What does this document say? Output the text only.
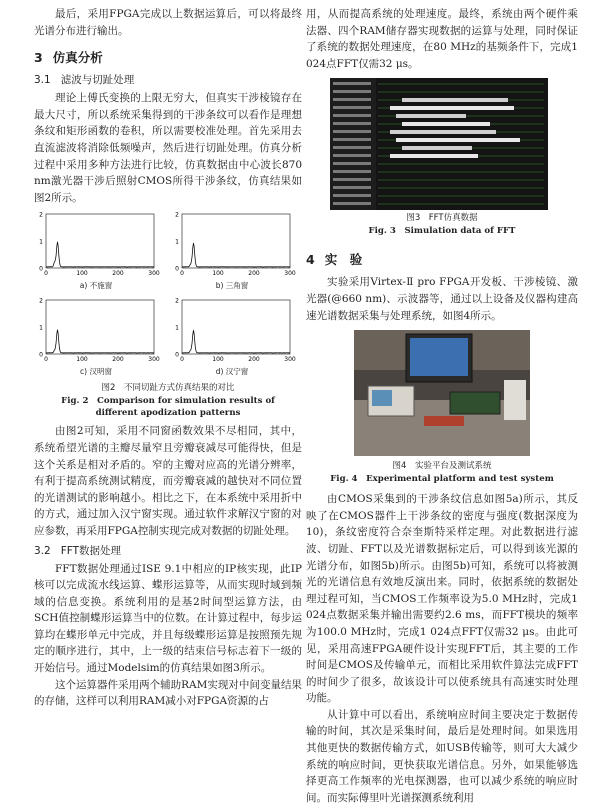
最后，采用FPGA完成以上数据运算后，可以将最终光谱分布进行输出。

3 仿真分析
3.1 滤波与切趾处理

理论上傅氏变换的上限无穷大，但真实干涉棱镜存在最大尺寸，所以系统采集得到的干涉条纹可以看作是理想条纹和矩形函数的卷积，所以需要校准处理。首先采用去直流滤波将消除低频噪声，然后进行切趾处理。仿真分析过程中采用多种方法进行比较，仿真数据由中心波长870 nm激光器干涉后照射CMOS所得干涉条纹，仿真结果如图2所示。

0
1
2
0	100	200	300
a) 不施窗
0
1
2
0	100	200	300
b) 三角窗
0
1
2
0	100	200	300
c) 汉明窗
0
1
2
0	100	200	300
d) 汉宁窗
图2　不同切趾方式仿真结果的对比
Fig. 2　Comparison for simulation results of
different apodization patterns

由图2可知，采用不同窗函数效果不尽相同，其中，系统希望光谱的主瓣尽量窄且旁瓣衰减尽可能得快，但是这个关系是相对矛盾的。窄的主瓣对应高的光谱分辨率，有利于提高系统测试精度，而旁瓣衰减的越快对不同位置的光谱测试的影响越小。相比之下，在本系统中采用折中的方式，通过加入汉宁窗实现。通过软件求解汉宁窗的对应参数，再采用FPGA控制实现完成对数据的切趾处理。

3.2 FFT数据处理

FFT数据处理通过ISE 9.1中相应的IP核实现，此IP核可以完成流水线运算、蝶形运算等，从而实现时域到频域的信息变换。系统利用的是基2时间型运算方法，由SCH值控制蝶形运算当中的位数。在计算过程中，每步运算均在蝶形单元中完成，并且每级蝶形运算是按照预先规定的顺序进行，其中，上一级的结束信号标志着下一级的开始信号。通过Modelsim的仿真结果如图3所示。

这个运算器件采用两个辅助RAM实现对中间变量结果的存储，这样可以利用RAM减小对FPGA资源的占

用，从而提高系统的处理速度。最终，系统由两个硬件乘法器、四个RAM储存器实现数据的运算与处理，同时保证了系统的数据处理速度，在80 MHz的基频条件下，完成1 024点FFT仅需32 μs。

图3　FFT仿真数据
Fig. 3　Simulation data of FFT
4 实　验

实验采用Virtex-Ⅱ pro FPGA开发板、干涉棱镜、激光器(@660 nm)、示波器等，通过以上设备及仪器构建高速光谱数据采集与处理系统，如图4所示。

图4　实验平台及测试系统
Fig. 4　Experimental platform and test system

由CMOS采集到的干涉条纹信息如图5a)所示，其反映了在CMOS器件上干涉条纹的密度与强度(数据深度为10)，条纹密度符合奈奎斯特采样定理。对此数据进行滤波、切趾、FFT以及光谱数据标定后，可以得到该光源的光谱分布，如图5b)所示。由图5b)可知，系统可以将被测光的光谱信息有效地反演出来。同时，依据系统的数据处理过程可知，当CMOS工作频率设为5.0 MHz时，完成1 024点数据采集并输出需要约2.6 ms，而FFT模块的频率为100.0 MHz时，完成1 024点FFT仅需32 μs。由此可见，采用高速FPGA硬件设计实现FFT后，其主要的工作时间是CMOS及传输单元，而相比采用软件算法完成FFT的时间少了很多，故该设计可以使系统具有高速实时处理功能。

从计算中可以看出，系统响应时间主要决定于数据传输的时间，其次是采集时间，最后是处理时间。如果选用其他更快的数据传输方式，如USB传输等，则可大大减少系统的响应时间，更快获取光谱信息。另外，如果能够选择更高工作频率的光电探测器，也可以减少系统的响应时间。而实际傅里叶光谱探测系统利用
